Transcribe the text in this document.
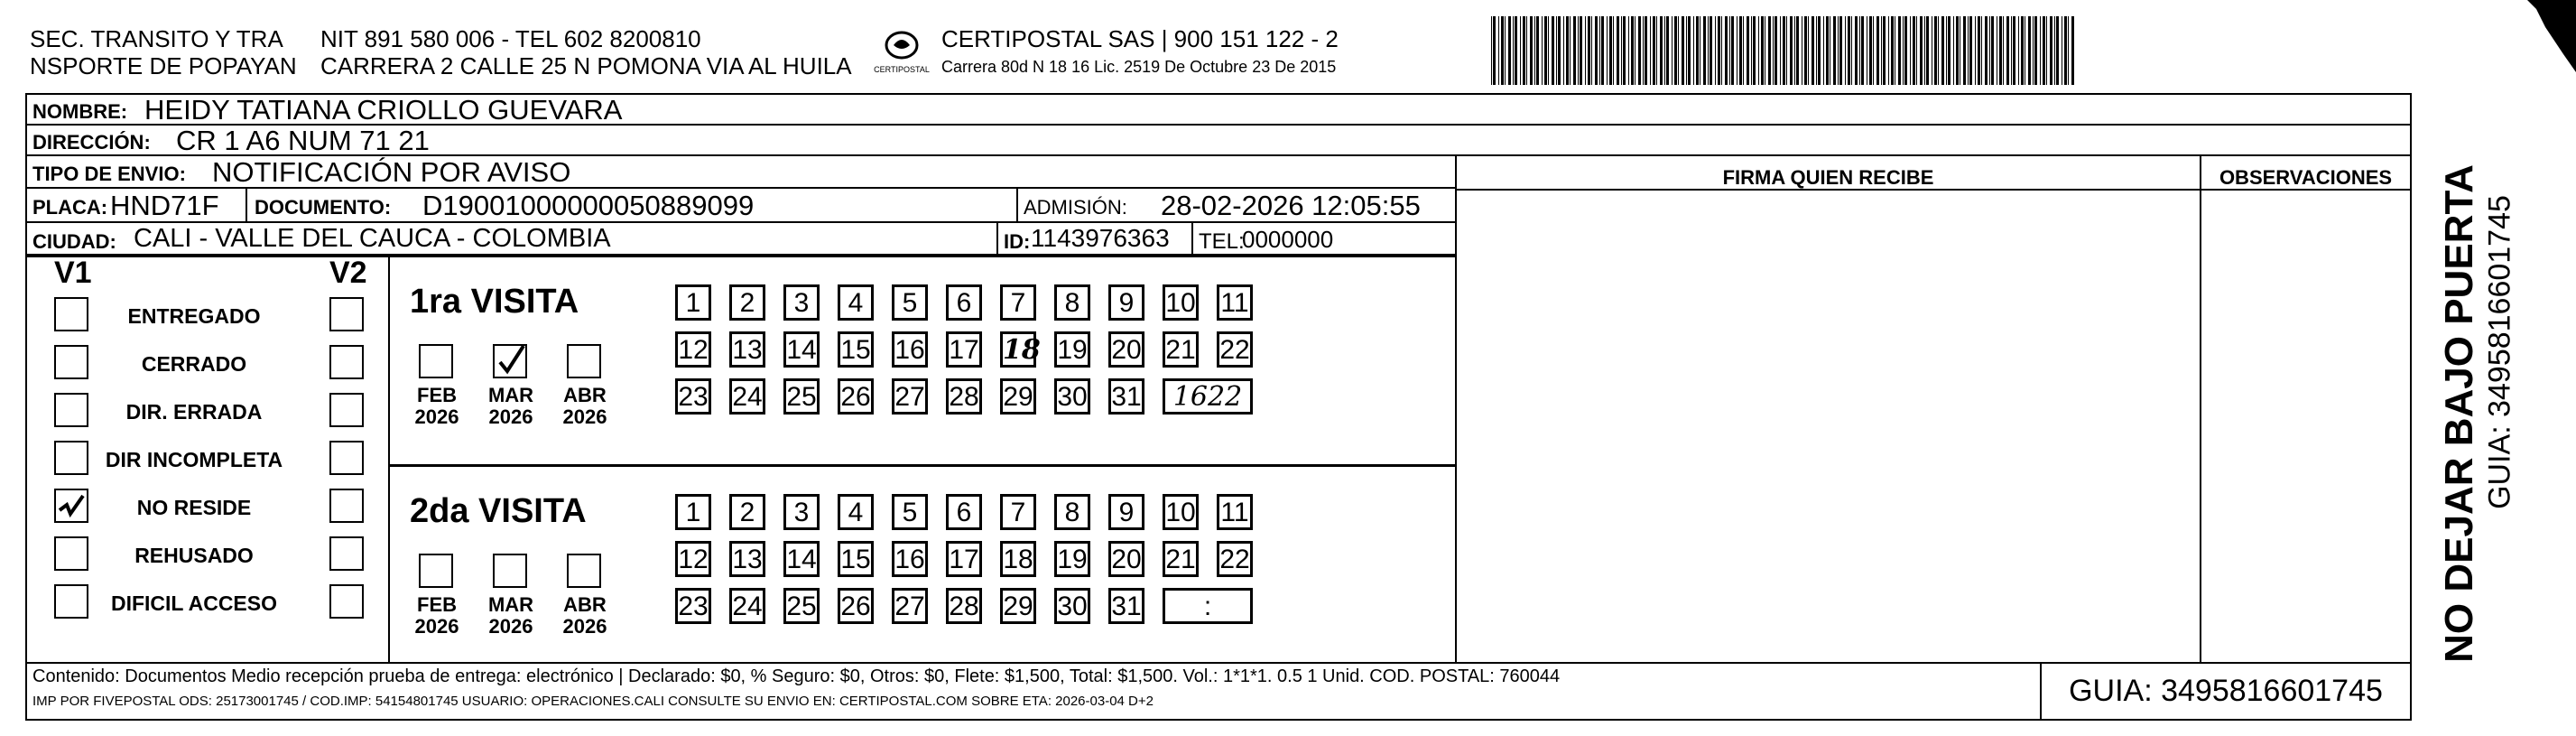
SEC. TRANSITO Y TRA
NSPORTE DE POPAYAN
NIT 891 580 006 - TEL 602 8200810
CARRERA 2 CALLE 25 N POMONA VIA AL HUILA	CERTIPOSTAL
CERTIPOSTAL SAS | 900 151 122 - 2
Carrera 80d N 18 16 Lic. 2519 De Octubre 23 De 2015
NOMBRE: HEIDY TATIANA CRIOLLO GUEVARA
DIRECCIÓN: CR 1 A6 NUM 71 21
TIPO DE ENVIO: NOTIFICACIÓN POR AVISO
PLACA: HND71F DOCUMENTO: D19001000000050889099	ADMISIÓN: 28-02-2026 12:05:55
CIUDAD: CALI - VALLE DEL CAUCA - COLOMBIA	ID: 1143976363 TEL:
0000000
FIRMA QUIEN RECIBE	OBSERVACIONES
V1	V2
ENTREGADO
CERRADO
DIR. ERRADA
DIR INCOMPLETA
NO RESIDE
REHUSADO
DIFICIL ACCESO
1ra VISITA
2da VISITA
FEB
2026
MAR
2026
ABR
2026
1	2	3	4	5	6	7	8	9	10 11
12 13 14 15 16 17 18 19 20 21 22
23 24 25 26 27 28 29 30 31	1622
FEB
2026
MAR
2026
ABR
2026
1	2	3	4	5	6	7	8	9	10 11
12 13 14 15 16 17 18 19 20 21 22
23 24 25 26 27 28 29 30 31	:
Contenido: Documentos Medio recepción prueba de entrega: electrónico | Declarado: $0, % Seguro: $0, Otros: $0, Flete: $1,500, Total: $1,500. Vol.: 1*1*1. 0.5 1 Unid. COD. POSTAL: 760044
IMP POR FIVEPOSTAL ODS: 25173001745 / COD.IMP: 54154801745 USUARIO: OPERACIONES.CALI CONSULTE SU ENVIO EN: CERTIPOSTAL.COM SOBRE ETA: 2026-03-04 D+2	GUIA: 3495816601745
NO DEJAR BAJO PUERTA GUIA: 3495816601745
